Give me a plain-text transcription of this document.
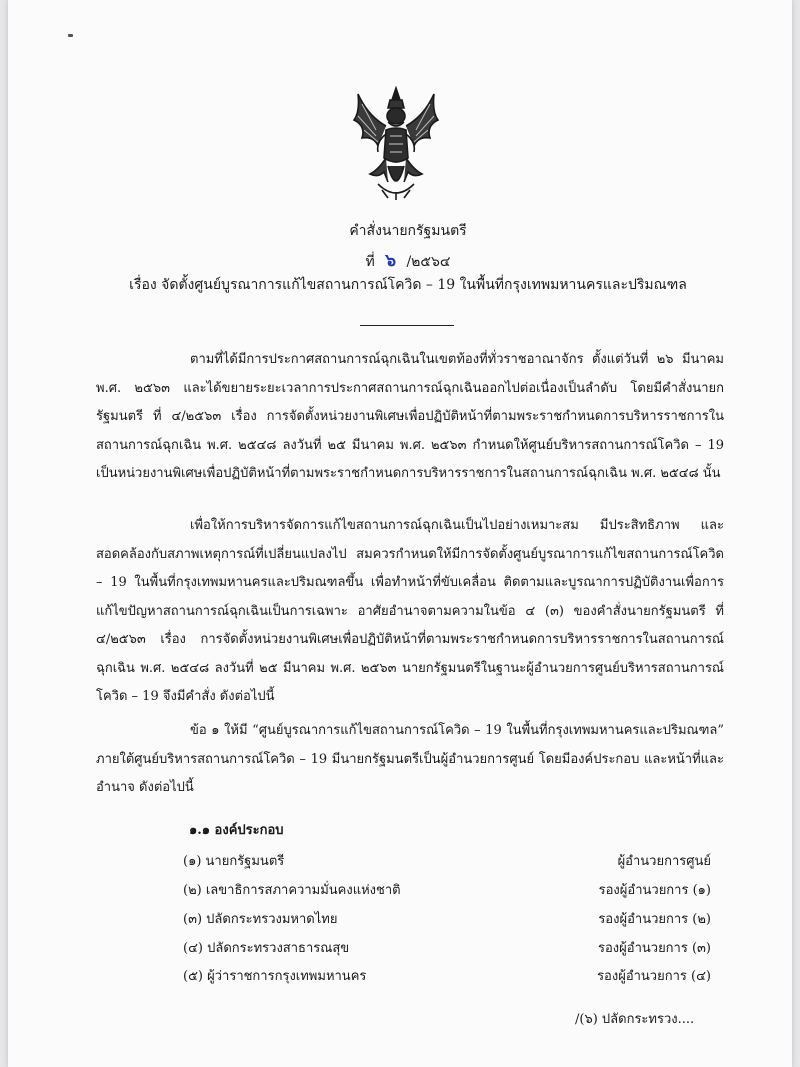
คำสั่งนายกรัฐมนตรี
ที่ ๖ /๒๕๖๔
เรื่อง จัดตั้งศูนย์บูรณาการแก้ไขสถานการณ์โควิด – 19 ในพื้นที่กรุงเทพมหานครและปริมณฑล
ตามที่ได้มีการประกาศสถานการณ์ฉุกเฉินในเขตท้องที่ทั่วราชอาณาจักร ตั้งแต่วันที่ ๒๖ มีนาคม พ.ศ. ๒๕๖๓ และได้ขยายระยะเวลาการประกาศสถานการณ์ฉุกเฉินออกไปต่อเนื่องเป็นลำดับ โดยมีคำสั่งนายกรัฐมนตรี ที่ ๔/๒๕๖๓ เรื่อง การจัดตั้งหน่วยงานพิเศษเพื่อปฏิบัติหน้าที่ตามพระราชกำหนดการบริหารราชการในสถานการณ์ฉุกเฉิน พ.ศ. ๒๕๔๘ ลงวันที่ ๒๕ มีนาคม พ.ศ. ๒๕๖๓ กำหนดให้ศูนย์บริหารสถานการณ์โควิด – 19 เป็นหน่วยงานพิเศษเพื่อปฏิบัติหน้าที่ตามพระราชกำหนดการบริหารราชการในสถานการณ์ฉุกเฉิน พ.ศ. ๒๕๔๘ นั้น
เพื่อให้การบริหารจัดการแก้ไขสถานการณ์ฉุกเฉินเป็นไปอย่างเหมาะสม มีประสิทธิภาพ และสอดคล้องกับสภาพเหตุการณ์ที่เปลี่ยนแปลงไป สมควรกำหนดให้มีการจัดตั้งศูนย์บูรณาการแก้ไขสถานการณ์โควิด – 19 ในพื้นที่กรุงเทพมหานครและปริมณฑลขึ้น เพื่อทำหน้าที่ขับเคลื่อน ติดตามและบูรณาการปฏิบัติงานเพื่อการแก้ไขปัญหาสถานการณ์ฉุกเฉินเป็นการเฉพาะ อาศัยอำนาจตามความในข้อ ๔ (๓) ของคำสั่งนายกรัฐมนตรี ที่ ๔/๒๕๖๓ เรื่อง การจัดตั้งหน่วยงานพิเศษเพื่อปฏิบัติหน้าที่ตามพระราชกำหนดการบริหารราชการในสถานการณ์ฉุกเฉิน พ.ศ. ๒๕๔๘ ลงวันที่ ๒๕ มีนาคม พ.ศ. ๒๕๖๓ นายกรัฐมนตรีในฐานะผู้อำนวยการศูนย์บริหารสถานการณ์โควิด – 19 จึงมีคำสั่ง ดังต่อไปนี้
ข้อ ๑ ให้มี “ศูนย์บูรณาการแก้ไขสถานการณ์โควิด – 19 ในพื้นที่กรุงเทพมหานครและปริมณฑล” ภายใต้ศูนย์บริหารสถานการณ์โควิด – 19 มีนายกรัฐมนตรีเป็นผู้อำนวยการศูนย์ โดยมีองค์ประกอบ และหน้าที่และอำนาจ ดังต่อไปนี้
๑.๑ องค์ประกอบ
(๑) นายกรัฐมนตรี	ผู้อำนวยการศูนย์
(๒) เลขาธิการสภาความมั่นคงแห่งชาติ	รองผู้อำนวยการ (๑)
(๓) ปลัดกระทรวงมหาดไทย	รองผู้อำนวยการ (๒)
(๔) ปลัดกระทรวงสาธารณสุข	รองผู้อำนวยการ (๓)
(๕) ผู้ว่าราชการกรุงเทพมหานคร	รองผู้อำนวยการ (๔)
/(๖) ปลัดกระทรวง....
